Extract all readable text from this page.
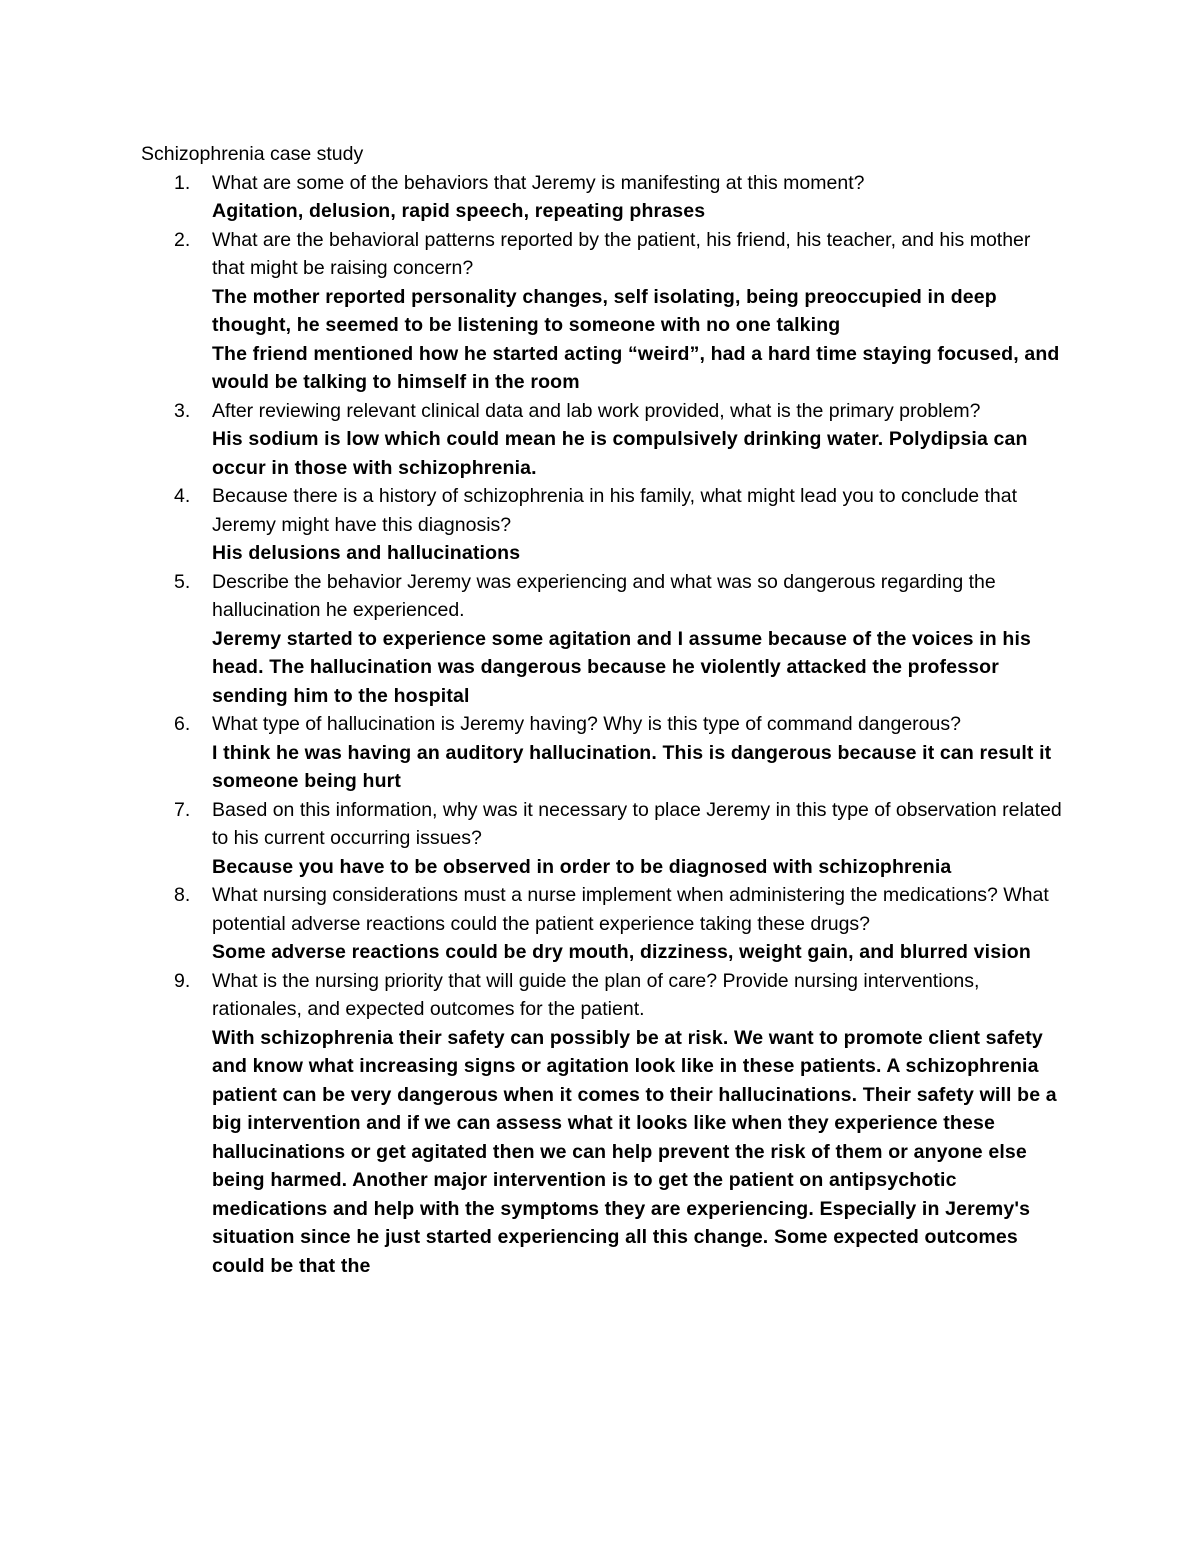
Schizophrenia case study

1. What are some of the behaviors that Jeremy is manifesting at this moment?

Agitation, delusion, rapid speech, repeating phrases

2. What are the behavioral patterns reported by the patient, his friend, his teacher, and his mother that might be raising concern?

The mother reported personality changes, self isolating, being preoccupied in deep thought, he seemed to be listening to someone with no one talking

The friend mentioned how he started acting “weird”, had a hard time staying focused, and would be talking to himself in the room

3. After reviewing relevant clinical data and lab work provided, what is the primary problem?

His sodium is low which could mean he is compulsively drinking water. Polydipsia can occur in those with schizophrenia.

4. Because there is a history of schizophrenia in his family, what might lead you to conclude that Jeremy might have this diagnosis?

His delusions and hallucinations

5. Describe the behavior Jeremy was experiencing and what was so dangerous regarding the hallucination he experienced.

Jeremy started to experience some agitation and I assume because of the voices in his head. The hallucination was dangerous because he violently attacked the professor sending him to the hospital

6. What type of hallucination is Jeremy having? Why is this type of command dangerous?

I think he was having an auditory hallucination. This is dangerous because it can result it someone being hurt

7. Based on this information, why was it necessary to place Jeremy in this type of observation related to his current occurring issues?

Because you have to be observed in order to be diagnosed with schizophrenia

8. What nursing considerations must a nurse implement when administering the medications? What potential adverse reactions could the patient experience taking these drugs?

Some adverse reactions could be dry mouth, dizziness, weight gain, and blurred vision

9. What is the nursing priority that will guide the plan of care? Provide nursing interventions, rationales, and expected outcomes for the patient.

With schizophrenia their safety can possibly be at risk. We want to promote client safety and know what increasing signs or agitation look like in these patients. A schizophrenia patient can be very dangerous when it comes to their hallucinations. Their safety will be a big intervention and if we can assess what it looks like when they experience these hallucinations or get agitated then we can help prevent the risk of them or anyone else being harmed. Another major intervention is to get the patient on antipsychotic medications and help with the symptoms they are experiencing. Especially in Jeremy's situation since he just started experiencing all this change. Some expected outcomes could be that the
